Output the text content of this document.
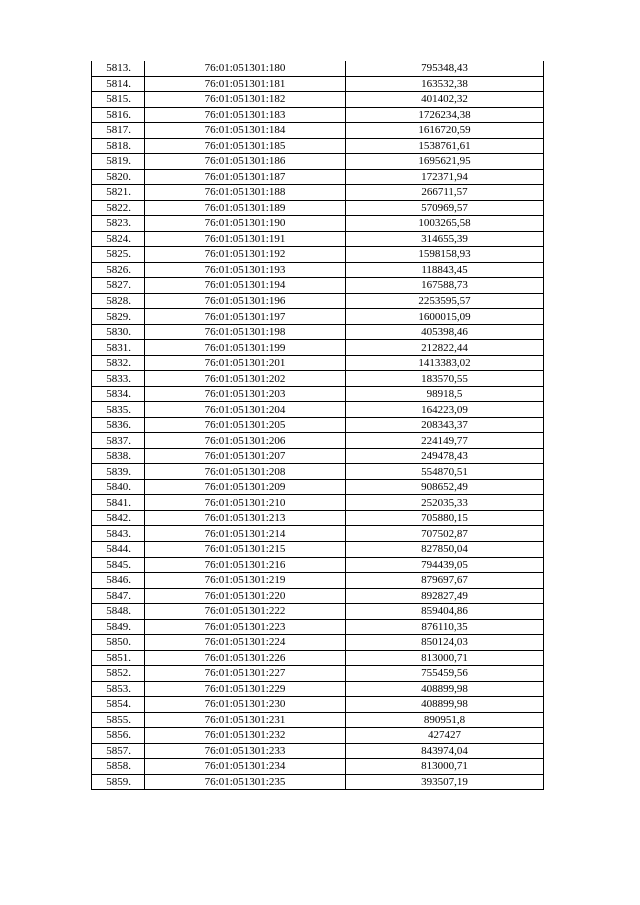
5813.	76:01:051301:180	795348,43
5814.	76:01:051301:181	163532,38
5815.	76:01:051301:182	401402,32
5816.	76:01:051301:183	1726234,38
5817.	76:01:051301:184	1616720,59
5818.	76:01:051301:185	1538761,61
5819.	76:01:051301:186	1695621,95
5820.	76:01:051301:187	172371,94
5821.	76:01:051301:188	266711,57
5822.	76:01:051301:189	570969,57
5823.	76:01:051301:190	1003265,58
5824.	76:01:051301:191	314655,39
5825.	76:01:051301:192	1598158,93
5826.	76:01:051301:193	118843,45
5827.	76:01:051301:194	167588,73
5828.	76:01:051301:196	2253595,57
5829.	76:01:051301:197	1600015,09
5830.	76:01:051301:198	405398,46
5831.	76:01:051301:199	212822,44
5832.	76:01:051301:201	1413383,02
5833.	76:01:051301:202	183570,55
5834.	76:01:051301:203	98918,5
5835.	76:01:051301:204	164223,09
5836.	76:01:051301:205	208343,37
5837.	76:01:051301:206	224149,77
5838.	76:01:051301:207	249478,43
5839.	76:01:051301:208	554870,51
5840.	76:01:051301:209	908652,49
5841.	76:01:051301:210	252035,33
5842.	76:01:051301:213	705880,15
5843.	76:01:051301:214	707502,87
5844.	76:01:051301:215	827850,04
5845.	76:01:051301:216	794439,05
5846.	76:01:051301:219	879697,67
5847.	76:01:051301:220	892827,49
5848.	76:01:051301:222	859404,86
5849.	76:01:051301:223	876110,35
5850.	76:01:051301:224	850124,03
5851.	76:01:051301:226	813000,71
5852.	76:01:051301:227	755459,56
5853.	76:01:051301:229	408899,98
5854.	76:01:051301:230	408899,98
5855.	76:01:051301:231	890951,8
5856.	76:01:051301:232	427427
5857.	76:01:051301:233	843974,04
5858.	76:01:051301:234	813000,71
5859.	76:01:051301:235	393507,19
